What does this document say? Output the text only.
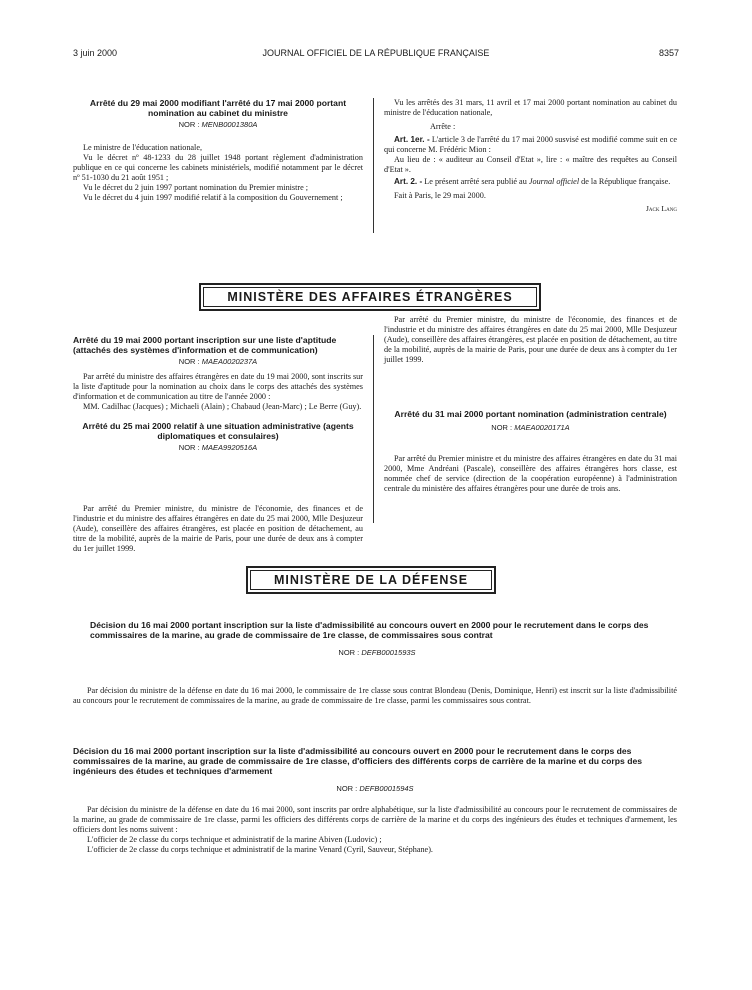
3 juin 2000	JOURNAL OFFICIEL DE LA RÉPUBLIQUE FRANÇAISE	8357
Arrêté du 29 mai 2000 modifiant l'arrêté du 17 mai 2000 portant nomination au cabinet du ministre
NOR : MENB0001380A

Le ministre de l'éducation nationale,

Vu le décret nº 48-1233 du 28 juillet 1948 portant règlement d'administration publique en ce qui concerne les cabinets ministériels, modifié notamment par le décret nº 51-1030 du 21 août 1951 ;

Vu le décret du 2 juin 1997 portant nomination du Premier ministre ;

Vu le décret du 4 juin 1997 modifié relatif à la composition du Gouvernement ;

Vu les arrêtés des 31 mars, 11 avril et 17 mai 2000 portant nomination au cabinet du ministre de l'éducation nationale,

Arrête :

Art. 1er. - L'article 3 de l'arrêté du 17 mai 2000 susvisé est modifié comme suit en ce qui concerne M. Frédéric Mion :

Au lieu de : « auditeur au Conseil d'Etat », lire : « maître des requêtes au Conseil d'Etat ».

Art. 2. - Le présent arrêté sera publié au Journal officiel de la République française.

Fait à Paris, le 29 mai 2000.

Jack Lang

MINISTÈRE DES AFFAIRES ÉTRANGÈRES
Arrêté du 19 mai 2000 portant inscription sur une liste d'aptitude (attachés des systèmes d'information et de communication)
NOR : MAEA0020237A

Par arrêté du ministre des affaires étrangères en date du 19 mai 2000, sont inscrits sur la liste d'aptitude pour la nomination au choix dans le corps des attachés des systèmes d'information et de communication au titre de l'année 2000 :

MM. Cadilhac (Jacques) ; Michaeli (Alain) ; Chabaud (Jean-Marc) ; Le Berre (Guy).

Arrêté du 25 mai 2000 relatif à une situation administrative (agents diplomatiques et consulaires)
NOR : MAEA9920516A

Par arrêté du Premier ministre, du ministre de l'économie, des finances et de l'industrie et du ministre des affaires étrangères en date du 25 mai 2000, Mlle Desjuzeur (Aude), conseillère des affaires étrangères, est placée en position de détachement, au titre de la mobilité, auprès de la mairie de Paris, pour une durée de deux ans à compter du 1er juillet 1999.

Par arrêté du Premier ministre, du ministre de l'économie, des finances et de l'industrie et du ministre des affaires étrangères en date du 25 mai 2000, Mlle Desjuzeur (Aude), conseillère des affaires étrangères, est placée en position de détachement, au titre de la mobilité, auprès de la mairie de Paris, pour une durée de deux ans à compter du 1er juillet 1999.

Arrêté du 31 mai 2000 portant nomination (administration centrale)
NOR : MAEA0020171A

Par arrêté du Premier ministre et du ministre des affaires étrangères en date du 31 mai 2000, Mme Andréani (Pascale), conseillère des affaires étrangères hors classe, est nommée chef de service (direction de la coopération européenne) à l'administration centrale du ministère des affaires étrangères pour une durée de trois ans.

MINISTÈRE DE LA DÉFENSE
Décision du 16 mai 2000 portant inscription sur la liste d'admissibilité au concours ouvert en 2000 pour le recrutement dans le corps des commissaires de la marine, au grade de commissaire de 1re classe, de commissaires sous contrat
NOR : DEFB0001593S

Par décision du ministre de la défense en date du 16 mai 2000, le commissaire de 1re classe sous contrat Blondeau (Denis, Dominique, Henri) est inscrit sur la liste d'admissibilité au concours pour le recrutement de commissaires de la marine, au grade de commissaire de 1re classe, parmi les commissaires sous contrat.

Décision du 16 mai 2000 portant inscription sur la liste d'admissibilité au concours ouvert en 2000 pour le recrutement dans le corps des commissaires de la marine, au grade de commissaire de 1re classe, d'officiers des différents corps de carrière de la marine et du corps des ingénieurs des études et techniques d'armement
NOR : DEFB0001594S

Par décision du ministre de la défense en date du 16 mai 2000, sont inscrits par ordre alphabétique, sur la liste d'admissibilité au concours pour le recrutement de commissaires de la marine, au grade de commissaire de 1re classe, parmi les officiers des différents corps de carrière de la marine et du corps des ingénieurs des études et techniques d'armement, les officiers dont les noms suivent :

L'officier de 2e classe du corps technique et administratif de la marine Abiven (Ludovic) ;

L'officier de 2e classe du corps technique et administratif de la marine Venard (Cyril, Sauveur, Stéphane).
